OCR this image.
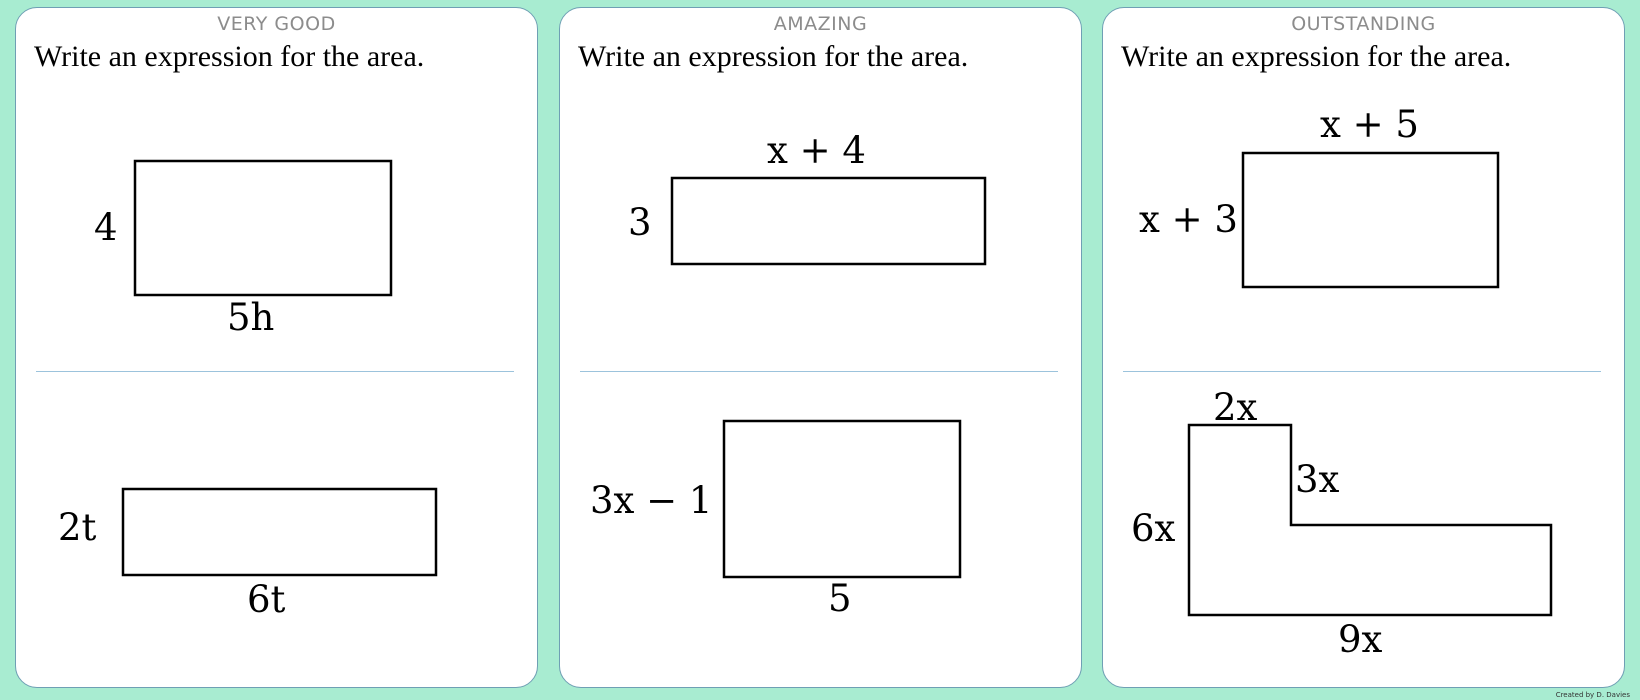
VERY GOOD
Write an expression for the area.
4
5h
2t
6t
AMAZING
Write an expression for the area.
x + 4
3
3x − 1
5
OUTSTANDING
Write an expression for the area.
x + 5
x + 3
2x
3x
6x
9x
Created by D. Davies
